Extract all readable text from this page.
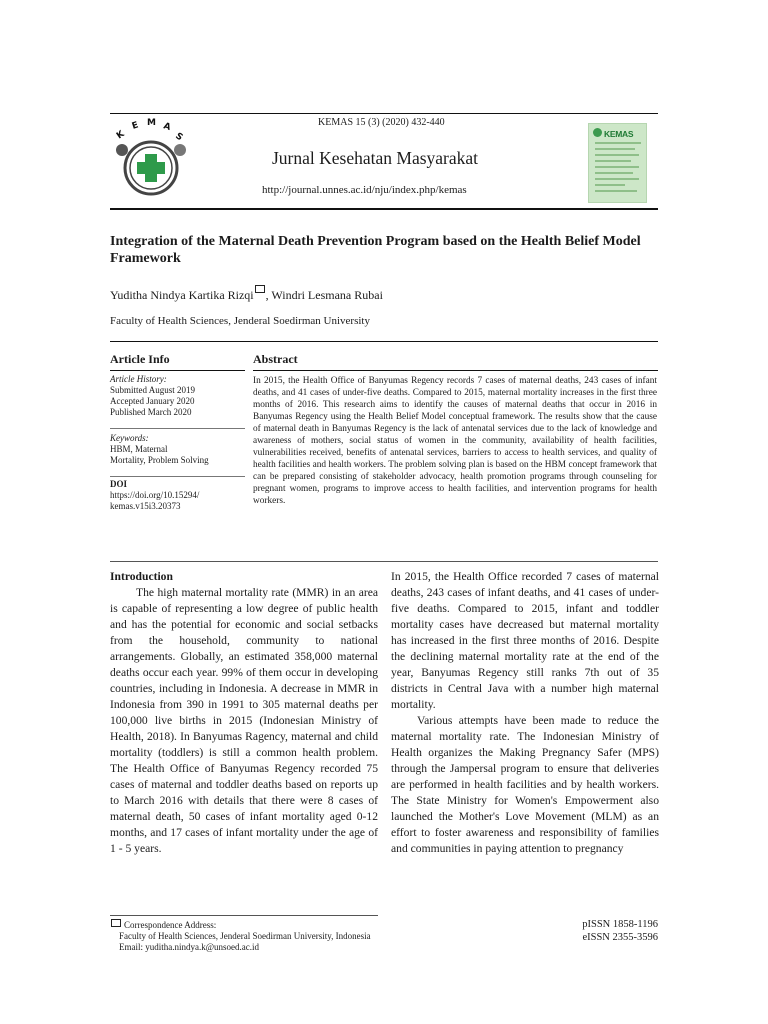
K
E M A
S
KEMAS 15 (3) (2020) 432-440
Jurnal Kesehatan Masyarakat
http://journal.unnes.ac.id/nju/index.php/kemas
KEMAS
Integration of the Maternal Death Prevention Program based on the Health Belief Model Framework
Yuditha Nindya Kartika Rizqi , Windri Lesmana Rubai
Faculty of Health Sciences, Jenderal Soedirman University
Article Info	Abstract
Article History:
Submitted August 2019
Accepted January 2020
Published March 2020
Keywords:
HBM, Maternal
Mortality, Problem Solving
DOI
https://doi.org/10.15294/
kemas.v15i3.20373
In 2015, the Health Office of Banyumas Regency records 7 cases of maternal deaths, 243 cases of infant deaths, and 41 cases of under-five deaths. Compared to 2015, maternal mortality increases in the first three months of 2016. This research aims to identify the causes of maternal deaths that occur in 2016 in Banyumas Regency using the Health Belief Model conceptual framework. The results show that the cause of maternal death in Banyumas Regency is the lack of antenatal services due to the lack of knowledge and awareness of mothers, social status of women in the community, availability of health facilities, vulnerabilities received, benefits of antenatal services, barriers to access to health services, and quality of health facilities and health workers. The problem solving plan is based on the HBM concept framework that can be prepared consisting of stakeholder advocacy, health promotion programs through counseling for pregnant women, programs to improve access to health facilities, and intervention programs for health workers.
Introduction

The high maternal mortality rate (MMR) in an area is capable of representing a low degree of public health and has the potential for economic and social setbacks from the household, community to national arrangements. Globally, an estimated 358,000 maternal deaths occur each year. 99% of them occur in developing countries, including in Indonesia. A decrease in MMR in Indonesia from 390 in 1991 to 305 maternal deaths per 100,000 live births in 2015 (Indonesian Ministry of Health, 2018). In Banyumas Ragency, maternal and child mortality (toddlers) is still a common health problem. The Health Office of Banyumas Regency recorded 75 cases of maternal and toddler deaths based on reports up to March 2016 with details that there were 8 cases of maternal death, 50 cases of infant mortality aged 0-12 months, and 17 cases of infant mortality under the age of 1 - 5 years.

In 2015, the Health Office recorded 7 cases of maternal deaths, 243 cases of infant deaths, and 41 cases of under-five deaths. Compared to 2015, infant and toddler mortality cases have decreased but maternal mortality has increased in the first three months of 2016. Despite the declining maternal mortality rate at the end of the year, Banyumas Regency still ranks 7th out of 35 districts in Central Java with a number high maternal mortality.

Various attempts have been made to reduce the maternal mortality rate. The Indonesian Ministry of Health organizes the Making Pregnancy Safer (MPS) through the Jampersal program to ensure that deliveries are performed in health facilities and by health workers. The State Ministry for Women's Empowerment also launched the Mother's Love Movement (MLM) as an effort to foster awareness and responsibility of families and communities in paying attention to pregnancy

Correspondence Address:
Faculty of Health Sciences, Jenderal Soedirman University, Indonesia
Email: yuditha.nindya.k@unsoed.ac.id
pISSN 1858-1196
eISSN 2355-3596
